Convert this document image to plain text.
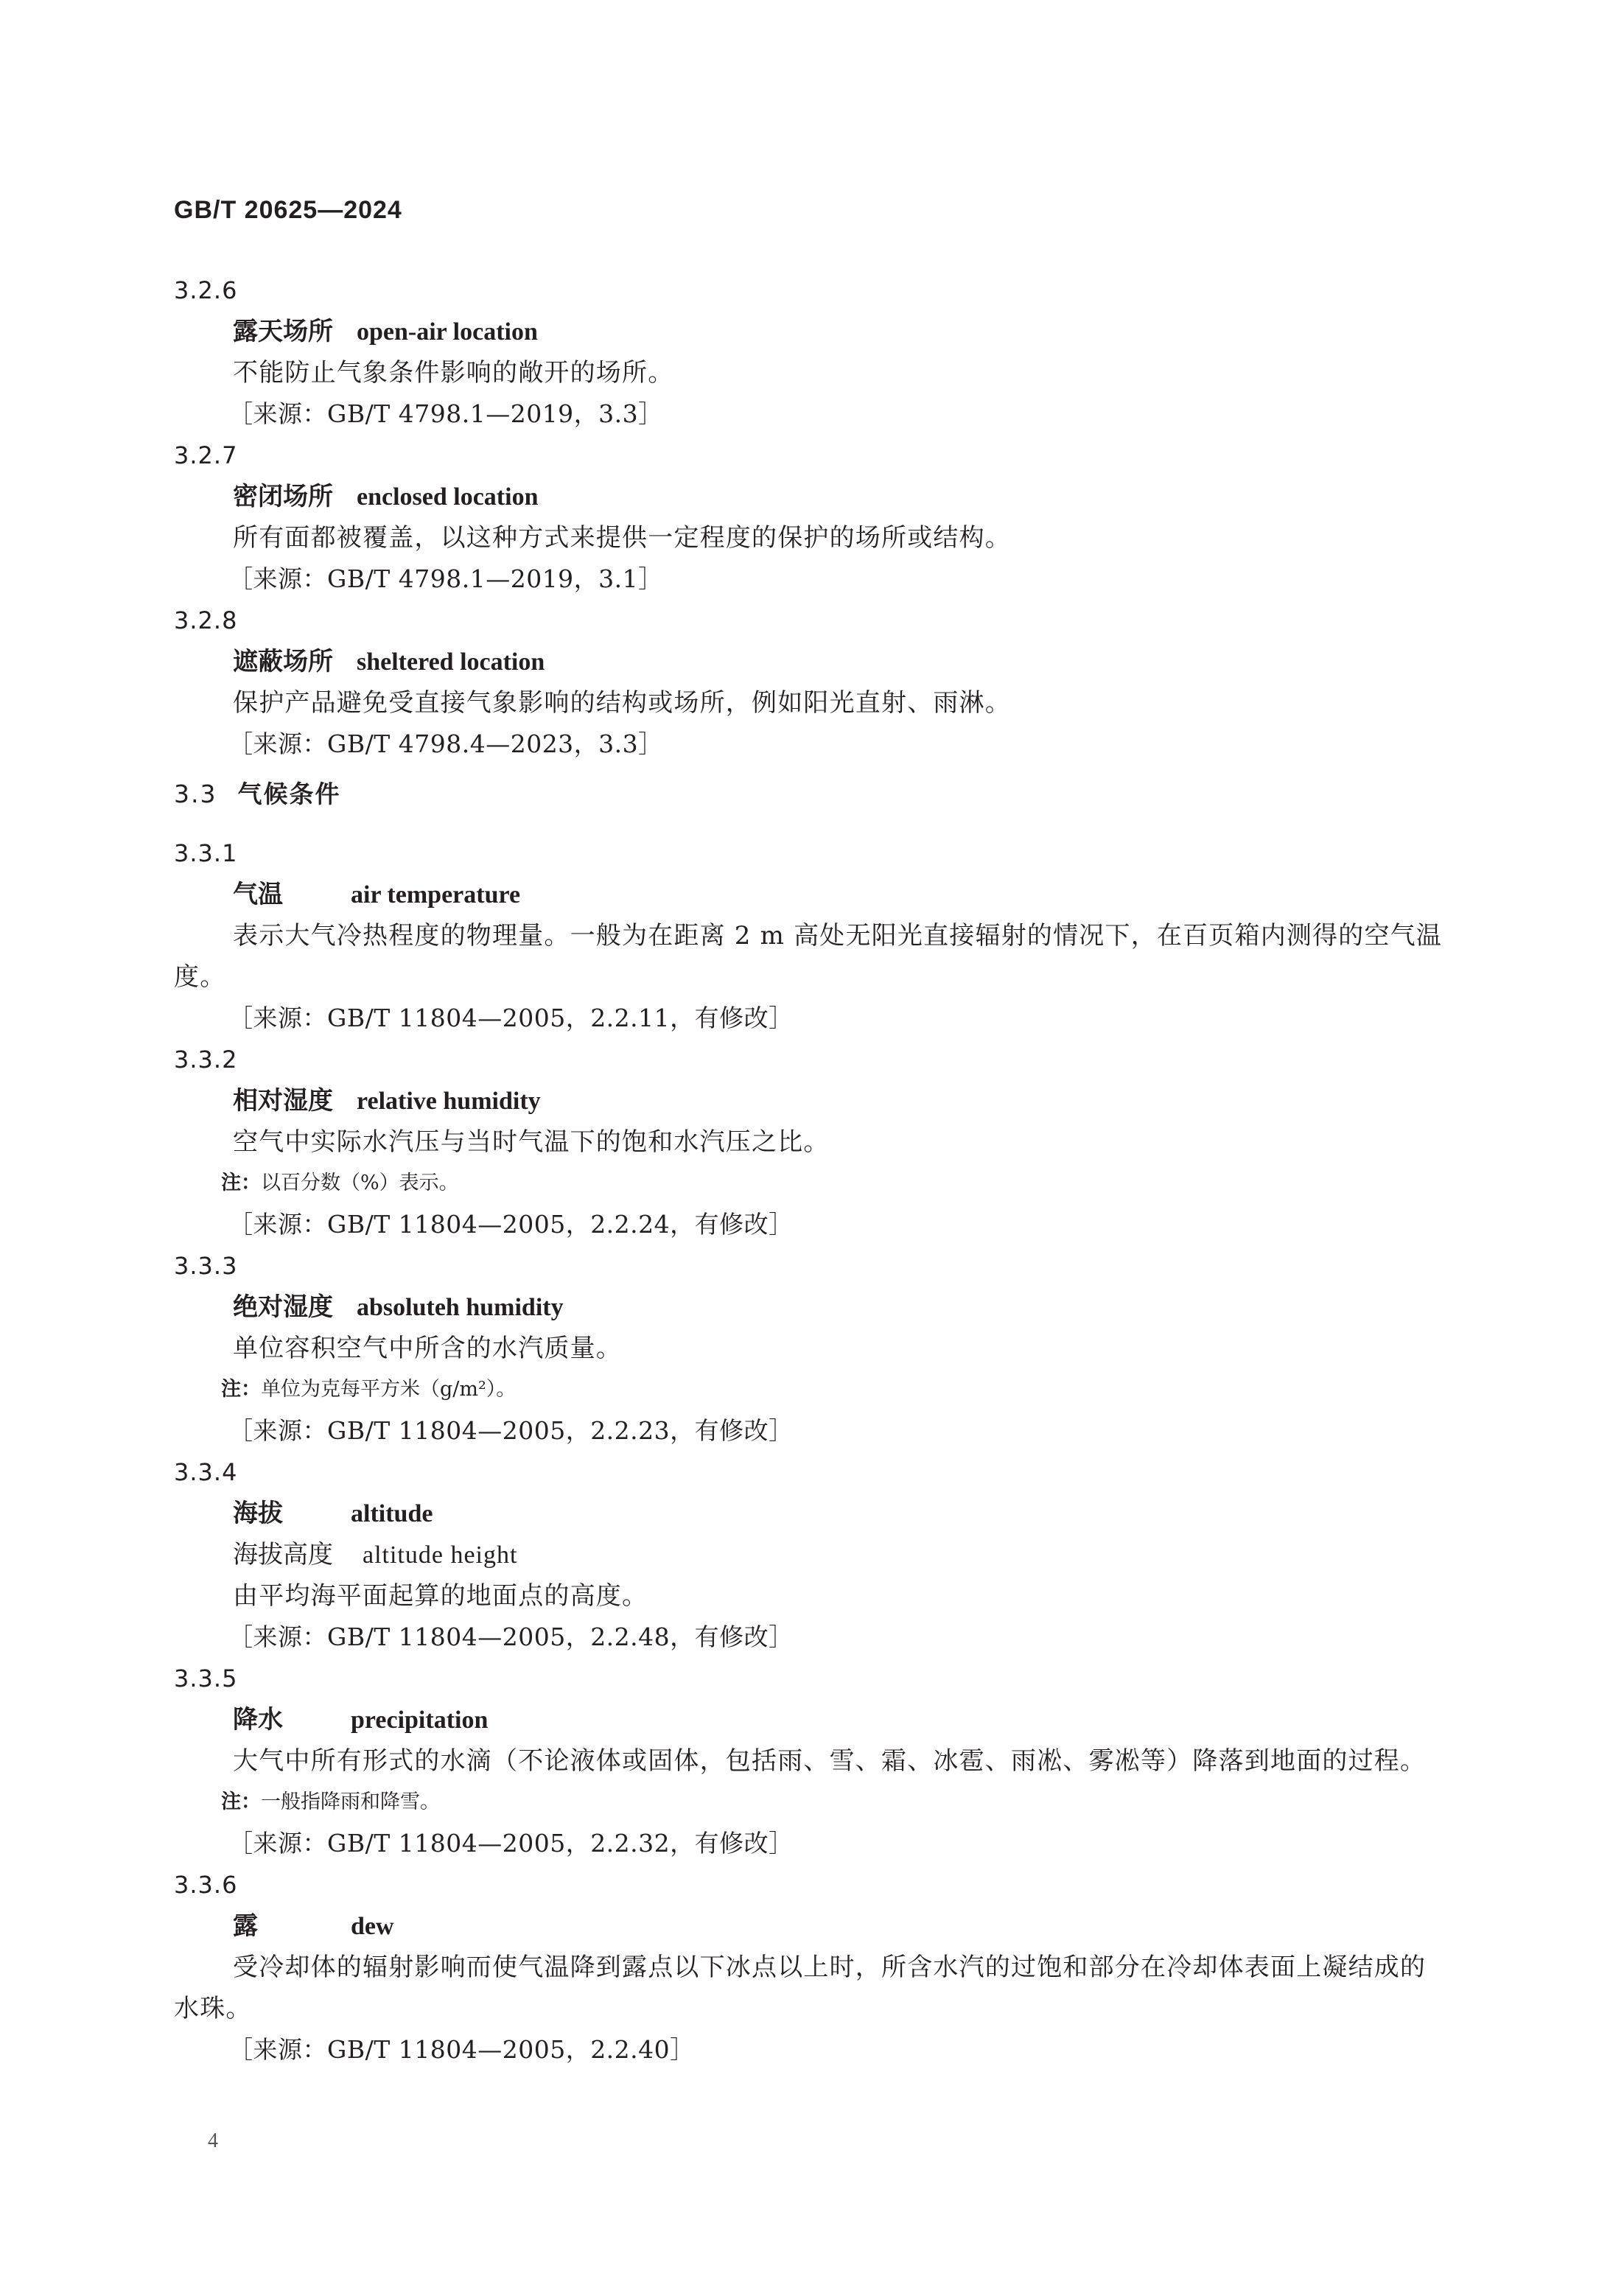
GB/T 20625—2024
3.2.6
露天场所 open-air location

不能防止气象条件影响的敞开的场所。

［来源：GB/T 4798.1—2019，3.3］
3.2.7
密闭场所 enclosed location

所有面都被覆盖，以这种方式来提供一定程度的保护的场所或结构。

［来源：GB/T 4798.1—2019，3.1］
3.2.8
遮蔽场所 sheltered location

保护产品避免受直接气象影响的结构或场所，例如阳光直射、雨淋。

［来源：GB/T 4798.4—2023，3.3］
3.3 气候条件
3.3.1
气温	air temperature

表示大气冷热程度的物理量。一般为在距离 2 m 高处无阳光直接辐射的情况下，在百页箱内测得的空气温度。

［来源：GB/T 11804—2005，2.2.11，有修改］
3.3.2
相对湿度 relative humidity

空气中实际水汽压与当时气温下的饱和水汽压之比。

注：以百分数（%）表示。
［来源：GB/T 11804—2005，2.2.24，有修改］
3.3.3
绝对湿度 absoluteh humidity

单位容积空气中所含的水汽质量。

注：单位为克每平方米（g/m²）。
［来源：GB/T 11804—2005，2.2.23，有修改］
3.3.4
海拔	altitude
海拔高度 altitude height

由平均海平面起算的地面点的高度。

［来源：GB/T 11804—2005，2.2.48，有修改］
3.3.5
降水	precipitation

大气中所有形式的水滴（不论液体或固体，包括雨、雪、霜、冰雹、雨凇、雾凇等）降落到地面的过程。

注：一般指降雨和降雪。
［来源：GB/T 11804—2005，2.2.32，有修改］
3.3.6
露	dew

受冷却体的辐射影响而使气温降到露点以下冰点以上时，所含水汽的过饱和部分在冷却体表面上凝结成的水珠。

［来源：GB/T 11804—2005，2.2.40］
4
